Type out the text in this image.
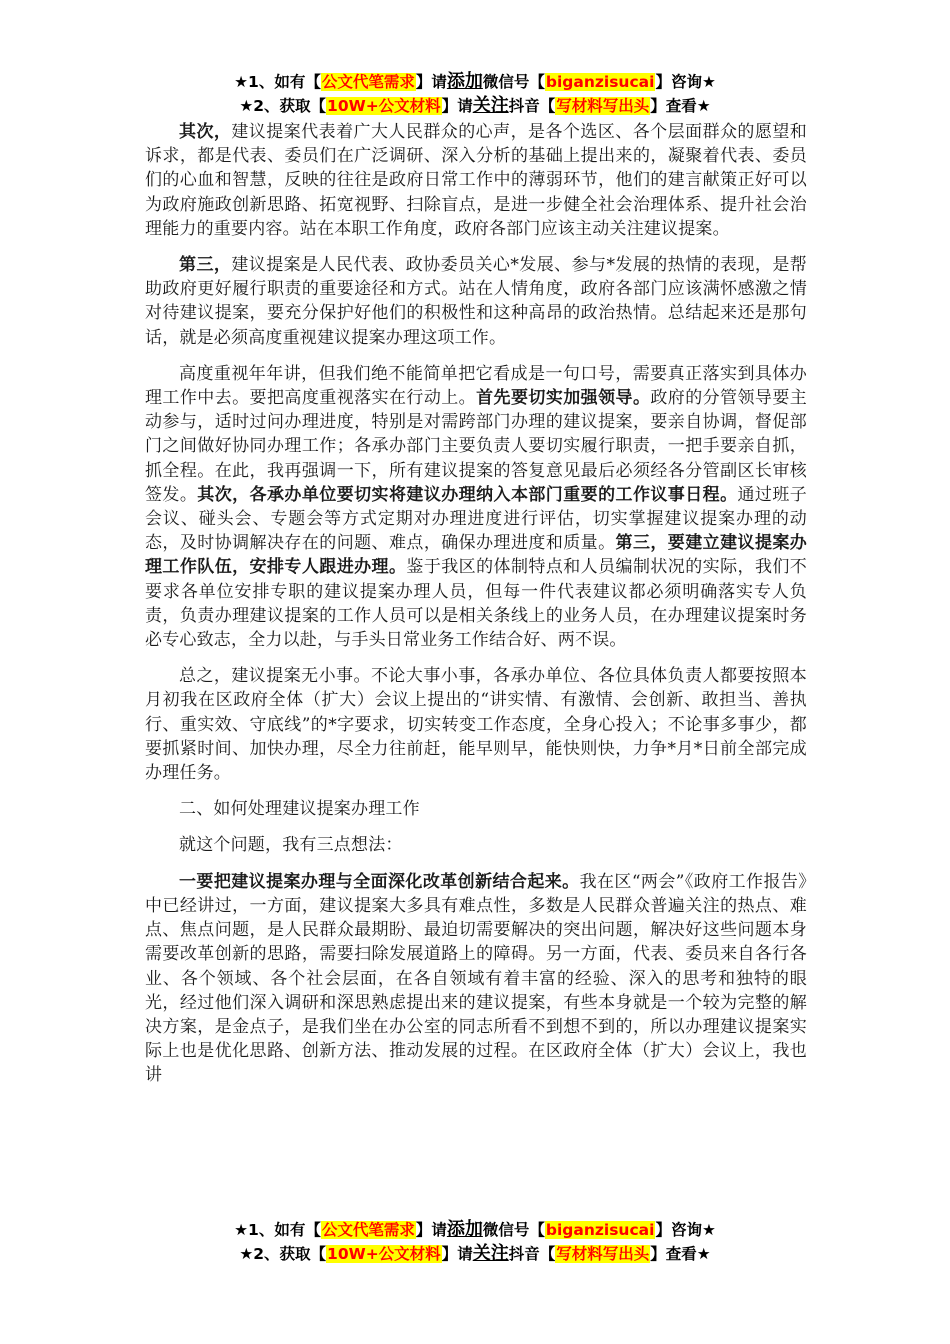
★1、如有【公文代笔需求】请添加微信号【biganzisucai】咨询★
★2、获取【10W+公文材料】请关注抖音【写材料写出头】查看★

其次，建议提案代表着广大人民群众的心声，是各个选区、各个层面群众的愿望和诉求，都是代表、委员们在广泛调研、深入分析的基础上提出来的，凝聚着代表、委员们的心血和智慧，反映的往往是政府日常工作中的薄弱环节，他们的建言献策正好可以为政府施政创新思路、拓宽视野、扫除盲点，是进一步健全社会治理体系、提升社会治理能力的重要内容。站在本职工作角度，政府各部门应该主动关注建议提案。

第三，建议提案是人民代表、政协委员关心*发展、参与*发展的热情的表现，是帮助政府更好履行职责的重要途径和方式。站在人情角度，政府各部门应该满怀感激之情对待建议提案，要充分保护好他们的积极性和这种高昂的政治热情。总结起来还是那句话，就是必须高度重视建议提案办理这项工作。

高度重视年年讲，但我们绝不能简单把它看成是一句口号，需要真正落实到具体办理工作中去。要把高度重视落实在行动上。首先要切实加强领导。政府的分管领导要主动参与，适时过问办理进度，特别是对需跨部门办理的建议提案，要亲自协调，督促部门之间做好协同办理工作；各承办部门主要负责人要切实履行职责，一把手要亲自抓，抓全程。在此，我再强调一下，所有建议提案的答复意见最后必须经各分管副区长审核签发。其次，各承办单位要切实将建议办理纳入本部门重要的工作议事日程。通过班子会议、碰头会、专题会等方式定期对办理进度进行评估，切实掌握建议提案办理的动态，及时协调解决存在的问题、难点，确保办理进度和质量。第三，要建立建议提案办理工作队伍，安排专人跟进办理。鉴于我区的体制特点和人员编制状况的实际，我们不要求各单位安排专职的建议提案办理人员，但每一件代表建议都必须明确落实专人负责，负责办理建议提案的工作人员可以是相关条线上的业务人员，在办理建议提案时务必专心致志，全力以赴，与手头日常业务工作结合好、两不误。

总之，建议提案无小事。不论大事小事，各承办单位、各位具体负责人都要按照本月初我在区政府全体（扩大）会议上提出的“讲实情、有激情、会创新、敢担当、善执行、重实效、守底线”的*字要求，切实转变工作态度，全身心投入；不论事多事少，都要抓紧时间、加快办理，尽全力往前赶，能早则早，能快则快，力争*月*日前全部完成办理任务。

二、如何处理建议提案办理工作

就这个问题，我有三点想法：

一要把建议提案办理与全面深化改革创新结合起来。我在区“两会”《政府工作报告》中已经讲过，一方面，建议提案大多具有难点性，多数是人民群众普遍关注的热点、难点、焦点问题，是人民群众最期盼、最迫切需要解决的突出问题，解决好这些问题本身需要改革创新的思路，需要扫除发展道路上的障碍。另一方面，代表、委员来自各行各业、各个领域、各个社会层面，在各自领域有着丰富的经验、深入的思考和独特的眼光，经过他们深入调研和深思熟虑提出来的建议提案，有些本身就是一个较为完整的解决方案，是金点子，是我们坐在办公室的同志所看不到想不到的，所以办理建议提案实际上也是优化思路、创新方法、推动发展的过程。在区政府全体（扩大）会议上，我也讲

★1、如有【公文代笔需求】请添加微信号【biganzisucai】咨询★
★2、获取【10W+公文材料】请关注抖音【写材料写出头】查看★
